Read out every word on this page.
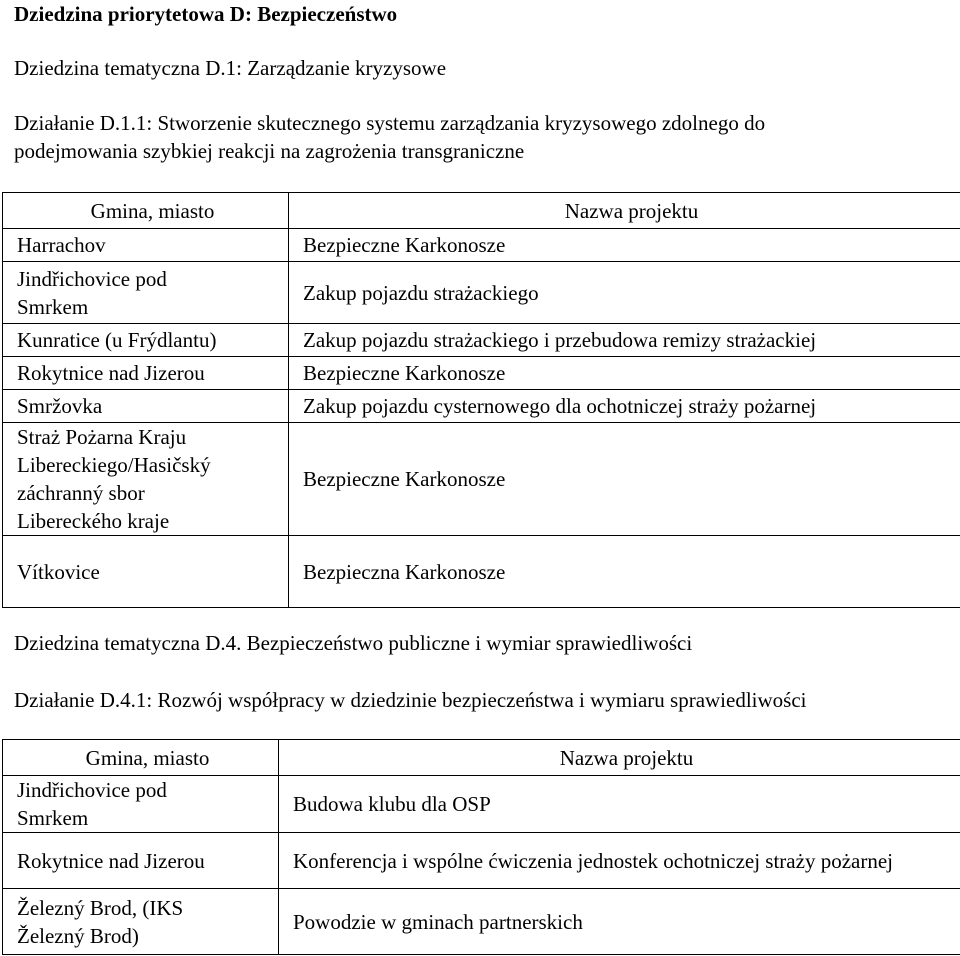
Dziedzina priorytetowa D: Bezpieczeństwo
Dziedzina tematyczna D.1: Zarządzanie kryzysowe
Działanie D.1.1: Stworzenie skutecznego systemu zarządzania kryzysowego zdolnego do
podejmowania szybkiej reakcji na zagrożenia transgraniczne
Gmina, miasto	Nazwa projektu
Harrachov	Bezpieczne Karkonosze
Jindřichovice pod Smrkem	Zakup pojazdu strażackiego
Kunratice (u Frýdlantu)	Zakup pojazdu strażackiego i przebudowa remizy strażackiej
Rokytnice nad Jizerou	Bezpieczne Karkonosze
Smržovka	Zakup pojazdu cysternowego dla ochotniczej straży pożarnej
Straż Pożarna Kraju Libereckiego/Hasičský záchranný sbor Libereckého kraje	Bezpieczne Karkonosze
Vítkovice	Bezpieczna Karkonosze
Dziedzina tematyczna D.4. Bezpieczeństwo publiczne i wymiar sprawiedliwości
Działanie D.4.1: Rozwój współpracy w dziedzinie bezpieczeństwa i wymiaru sprawiedliwości
Gmina, miasto	Nazwa projektu
Jindřichovice pod Smrkem	Budowa klubu dla OSP
Rokytnice nad Jizerou	Konferencja i wspólne ćwiczenia jednostek ochotniczej straży pożarnej
Železný Brod, (IKS Železný Brod)	Powodzie w gminach partnerskich
